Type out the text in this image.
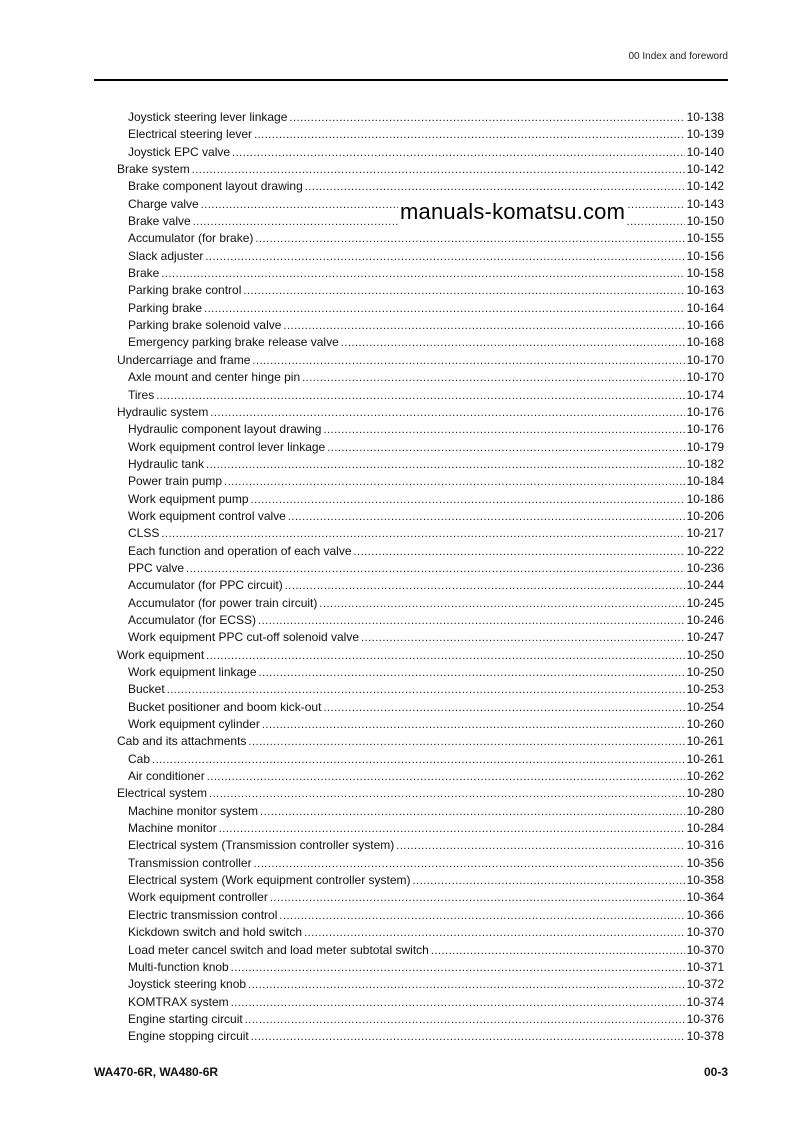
00 Index and foreword
Joystick steering lever linkage .....	10-138
Electrical steering lever .....	10-139
Joystick EPC valve .....	10-140
Brake system .....	10-142
Brake component layout drawing .....	10-142
Charge valve .....	10-143
Brake valve .....	10-150
Accumulator (for brake) .....	10-155
Slack adjuster .....	10-156
Brake .....	10-158
Parking brake control .....	10-163
Parking brake .....	10-164
Parking brake solenoid valve .....	10-166
Emergency parking brake release valve .....	10-168
Undercarriage and frame .....	10-170
Axle mount and center hinge pin .....	10-170
Tires .....	10-174
Hydraulic system .....	10-176
Hydraulic component layout drawing .....	10-176
Work equipment control lever linkage .....	10-179
Hydraulic tank .....	10-182
Power train pump .....	10-184
Work equipment pump .....	10-186
Work equipment control valve .....	10-206
CLSS .....	10-217
Each function and operation of each valve .....	10-222
PPC valve .....	10-236
Accumulator (for PPC circuit) .....	10-244
Accumulator (for power train circuit) .....	10-245
Accumulator (for ECSS) .....	10-246
Work equipment PPC cut-off solenoid valve .....	10-247
Work equipment .....	10-250
Work equipment linkage .....	10-250
Bucket .....	10-253
Bucket positioner and boom kick-out .....	10-254
Work equipment cylinder .....	10-260
Cab and its attachments .....	10-261
Cab .....	10-261
Air conditioner .....	10-262
Electrical system .....	10-280
Machine monitor system .....	10-280
Machine monitor .....	10-284
Electrical system (Transmission controller system) .....	10-316
Transmission controller .....	10-356
Electrical system (Work equipment controller system) .....	10-358
Work equipment controller .....	10-364
Electric transmission control .....	10-366
Kickdown switch and hold switch .....	10-370
Load meter cancel switch and load meter subtotal switch .....	10-370
Multi-function knob .....	10-371
Joystick steering knob .....	10-372
KOMTRAX system .....	10-374
Engine starting circuit .....	10-376
Engine stopping circuit .....	10-378
manuals-komatsu.com
WA470-6R, WA480-6R	00-3
